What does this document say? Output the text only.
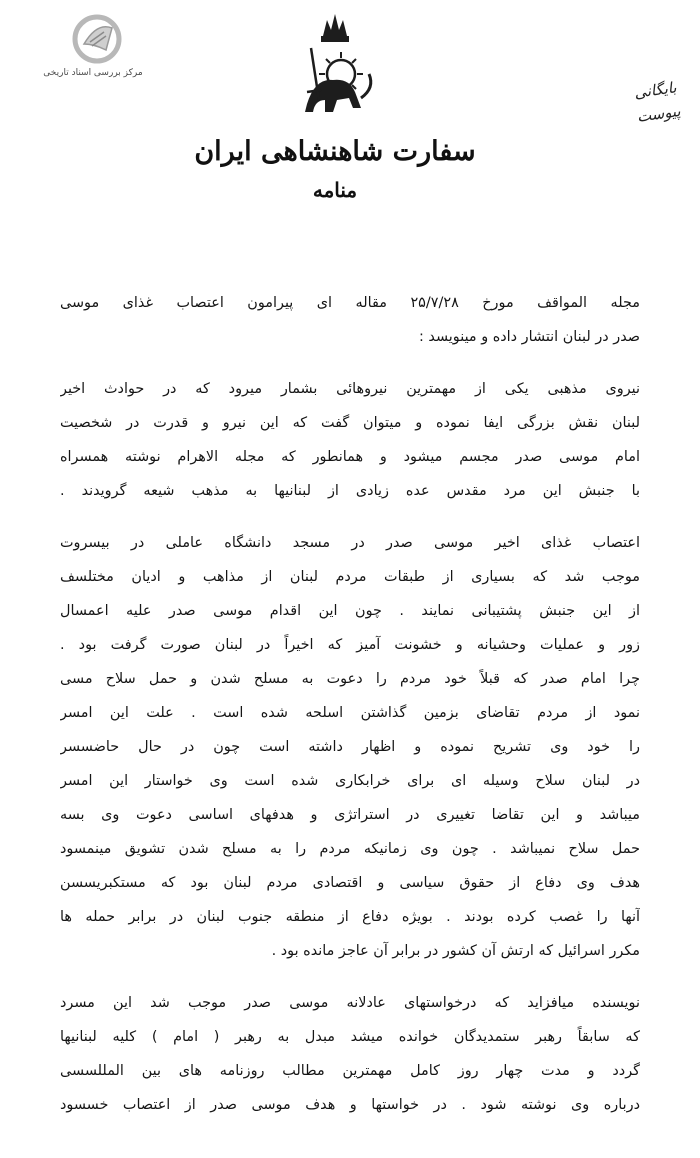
مرکز بررسی اسناد تاریخی
سفارت شاهنشاهی ایران
منامه
بایگانی
پیوست
مجله المواقف مورخ ۲۵/۷/۲۸ مقاله ای پیرامون اعتصاب غذای موسی
صدر در لبنان انتشار داده و مینویسد :
نیروی مذهبی یکی از مهمترین نیروهائی بشمار میرود که در حوادث اخیر
لبنان نقش بزرگی ایفا نموده و میتوان گفت که این نیرو و قدرت در شخصیت
امام موسی صدر مجسم میشود و همانطور که مجله الاهرام نوشته همسراه
با جنبش این مرد مقدس عده زیادی از لبنانیها به مذهب شیعه گرویدند .
اعتصاب غذای اخیر موسی صدر در مسجد دانشگاه عاملی در بیسروت
موجب شد که بسیاری از طبقات مردم لبنان از مذاهب و ادیان مختلسف
از این جنبش پشتیبانی نمایند . چون این اقدام موسی صدر علیه اعمسال
زور و عملیات وحشیانه و خشونت آمیز که اخیراً در لبنان صورت گرفت بود .
چرا امام صدر که قبلاً خود مردم را دعوت به مسلح شدن و حمل سلاح مسی
نمود از مردم تقاضای بزمین گذاشتن اسلحه شده است . علت این امسر
را خود وی تشریح نموده و اظهار داشته است چون در حال حاضسسر
در لبنان سلاح وسیله ای برای خرابکاری شده است وی خواستار این امسر
میباشد و این تقاضا تغییری در استراتژی و هدفهای اساسی دعوت وی بسه
حمل سلاح نمیباشد . چون وی زمانیکه مردم را به مسلح شدن تشویق مینمسود
هدف وی دفاع از حقوق سیاسی و اقتصادی مردم لبنان بود که مستکبریسسن
آنها را غصب کرده بودند . بویژه دفاع از منطقه جنوب لبنان در برابر حمله ها
مکرر اسرائیل که ارتش آن کشور در برابر آن عاجز مانده بود .
نویسنده میافزاید که درخواستهای عادلانه موسی صدر موجب شد این مسرد
که سابقاً رهبر ستمدیدگان خوانده میشد مبدل به رهبر ( امام ) کلیه لبنانیها
گردد و مدت چهار روز کامل مهمترین مطالب روزنامه های بین المللسسی
درباره وی نوشته شود . در خواستها و هدف موسی صدر از اعتصاب خسسود
